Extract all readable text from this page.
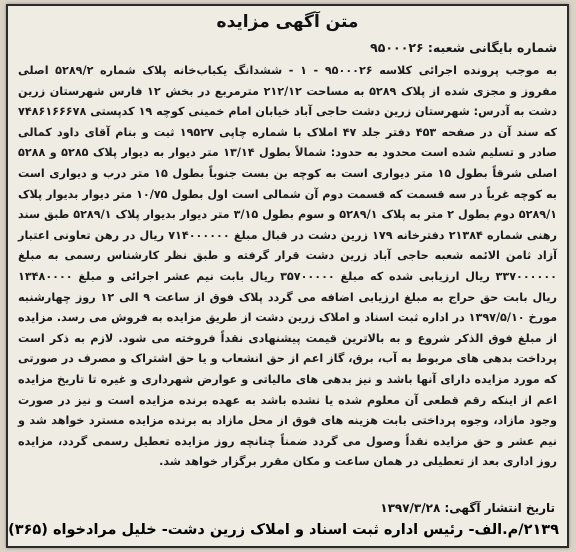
متن آگهی مزایده
شماره بایگانی شعبه: ۹۵۰۰۰۲۶

به موجب پرونده اجرائی کلاسه ۹۵۰۰۰۲۶ - ۱ - ششدانگ یکباب‌خانه پلاک شماره ۵۲۸۹/۲ اصلی مفروز و مجزی شده از پلاک ۵۲۸۹ به مساحت ۲۱۲/۱۲ مترمربع در بخش ۱۲ فارس شهرستان زرین دشت به آدرس: شهرستان زرین دشت حاجی آباد خیابان امام خمینی کوچه ۱۹ کدپستی ۷۴۸۶۱۶۶۶۷۸ که سند آن در صفحه ۴۵۳ دفتر جلد ۴۷ املاک با شماره چاپی ۱۹۵۲۷ ثبت و بنام آقای داود کمالی صادر و تسلیم شده است محدود به حدود: شمالاً بطول ۱۳/۱۴ متر دیوار به دیوار پلاک ۵۲۸۵ و ۵۲۸۸ اصلی شرقاً بطول ۱۵ متر دیواری است به کوچه بن بست جنوباً بطول ۱۵ متر درب و دیواری است به کوچه غرباً در سه قسمت که قسمت دوم آن شمالی است اول بطول ۱۰/۷۵ متر دیوار بدیوار پلاک ۵۲۸۹/۱ دوم بطول ۲ متر به پلاک ۵۲۸۹/۱ و سوم بطول ۳/۱۵ متر دیوار بدیوار پلاک ۵۲۸۹/۱ طبق سند رهنی شماره ۲۱۳۸۴ دفترخانه ۱۷۹ زرین دشت در قبال مبلغ ۷۱۴۰۰۰۰۰۰ ریال در رهن تعاونی اعتبار آزاد ثامن الائمه شعبه حاجی آباد زرین دشت قرار گرفته و طبق نظر کارشناس رسمی به مبلغ ۳۳۷۰۰۰۰۰۰ ریال ارزیابی شده که مبلغ ۳۵۷۰۰۰۰۰ ریال بابت نیم عشر اجرائی و مبلغ ۱۳۴۸۰۰۰۰ ریال بابت حق حراج به مبلغ ارزیابی اضافه می گردد پلاک فوق از ساعت ۹ الی ۱۲ روز چهارشنبه مورخ ۱۳۹۷/۵/۱۰ در اداره ثبت اسناد و املاک زرین دشت از طریق مزایده به فروش می رسد. مزایده از مبلغ فوق الذکر شروع و به بالاترین قیمت پیشنهادی نقداً فروخته می شود. لازم به ذکر است پرداخت بدهی های مربوط به آب، برق، گاز اعم از حق انشعاب و یا حق اشتراک و مصرف در صورتی که مورد مزایده دارای آنها باشد و نیز بدهی های مالیاتی و عوارض شهرداری و غیره تا تاریخ مزایده اعم از اینکه رقم قطعی آن معلوم شده یا نشده باشد به عهده برنده مزایده است و نیز در صورت وجود مازاد، وجوه پرداختی بابت هزینه های فوق از محل مازاد به برنده مزایده مسترد خواهد شد و نیم عشر و حق مزایده نقداً وصول می گردد ضمناً چنانچه روز مزایده تعطیل رسمی گردد، مزایده روز اداری بعد از تعطیلی در همان ساعت و مکان مقرر برگزار خواهد شد.

تاریخ انتشار آگهی: ۱۳۹۷/۳/۲۸
۲۱۳۹/م.الف- رئیس اداره ثبت اسناد و املاک زرین دشت- خلیل مرادخواه (۳۶۵)
